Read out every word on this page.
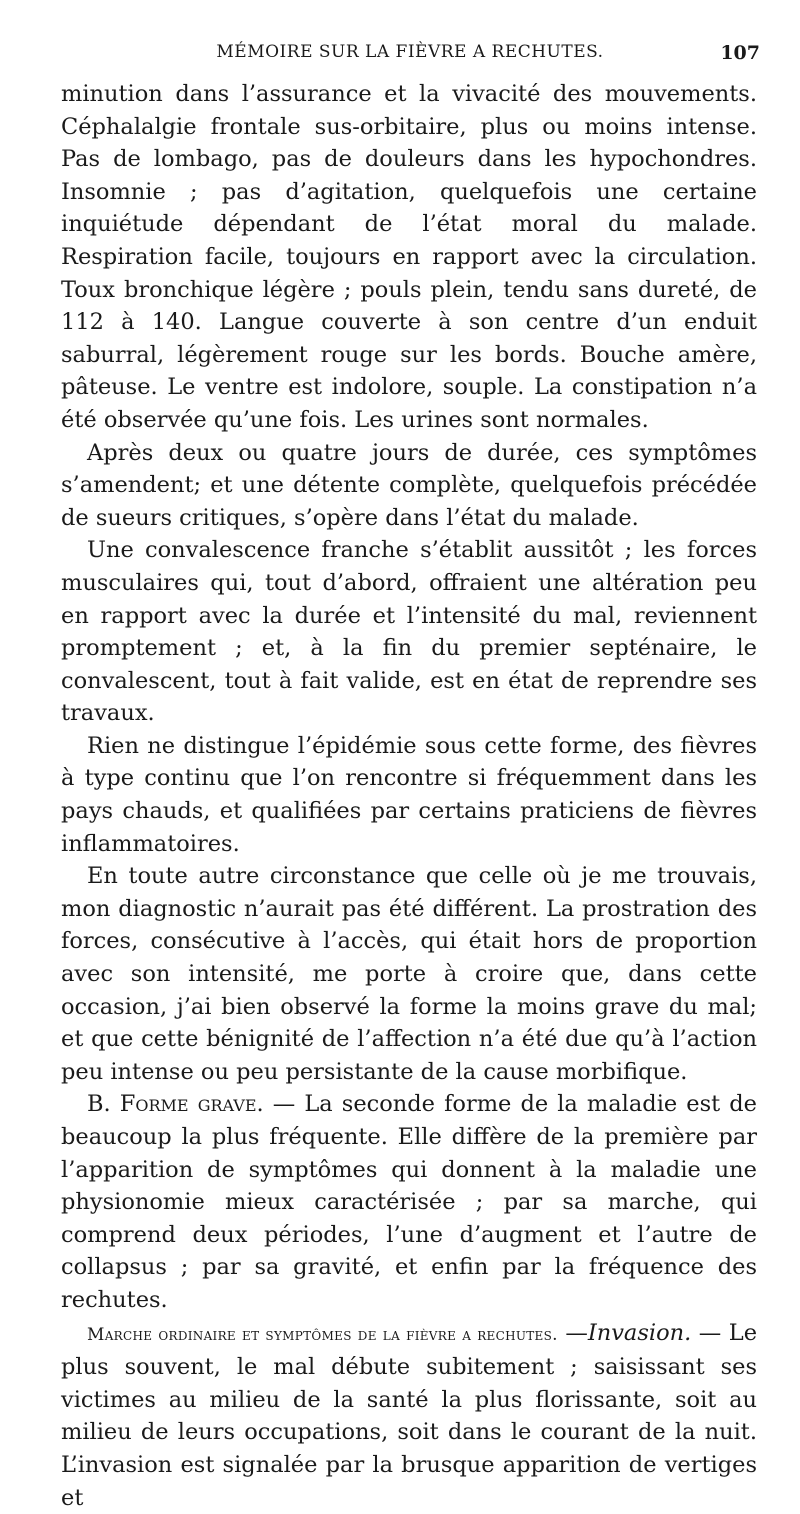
MÉMOIRE SUR LA FIÈVRE A RECHUTES.	107

minution dans l’assurance et la vivacité des mouvements. Céphalalgie frontale sus-orbitaire, plus ou moins intense. Pas de lombago, pas de douleurs dans les hypochondres. Insomnie ; pas d’agitation, quelquefois une certaine inquiétude dépendant de l’état moral du malade. Respiration facile, toujours en rapport avec la circulation. Toux bronchique légère ; pouls plein, tendu sans dureté, de 112 à 140. Langue couverte à son centre d’un enduit saburral, légèrement rouge sur les bords. Bouche amère, pâteuse. Le ventre est indolore, souple. La constipation n’a été observée qu’une fois. Les urines sont normales.

Après deux ou quatre jours de durée, ces symptômes s’amendent; et une détente complète, quelquefois précédée de sueurs critiques, s’opère dans l’état du malade.

Une convalescence franche s’établit aussitôt ; les forces musculaires qui, tout d’abord, offraient une altération peu en rapport avec la durée et l’intensité du mal, reviennent promptement ; et, à la fin du premier septénaire, le convalescent, tout à fait valide, est en état de reprendre ses travaux.

Rien ne distingue l’épidémie sous cette forme, des fièvres à type continu que l’on rencontre si fréquemment dans les pays chauds, et qualifiées par certains praticiens de fièvres inflammatoires.

En toute autre circonstance que celle où je me trouvais, mon diagnostic n’aurait pas été différent. La prostration des forces, consécutive à l’accès, qui était hors de proportion avec son intensité, me porte à croire que, dans cette occasion, j’ai bien observé la forme la moins grave du mal; et que cette bénignité de l’affection n’a été due qu’à l’action peu intense ou peu persistante de la cause morbifique.

B. Forme grave. — La seconde forme de la maladie est de beaucoup la plus fréquente. Elle diffère de la première par l’apparition de symptômes qui donnent à la maladie une physionomie mieux caractérisée ; par sa marche, qui comprend deux périodes, l’une d’augment et l’autre de collapsus ; par sa gravité, et enfin par la fréquence des rechutes.

Marche ordinaire et symptômes de la fièvre a rechutes. —Invasion. — Le plus souvent, le mal débute subitement ; saisissant ses victimes au milieu de la santé la plus florissante, soit au milieu de leurs occupations, soit dans le courant de la nuit. L’invasion est signalée par la brusque apparition de vertiges et
